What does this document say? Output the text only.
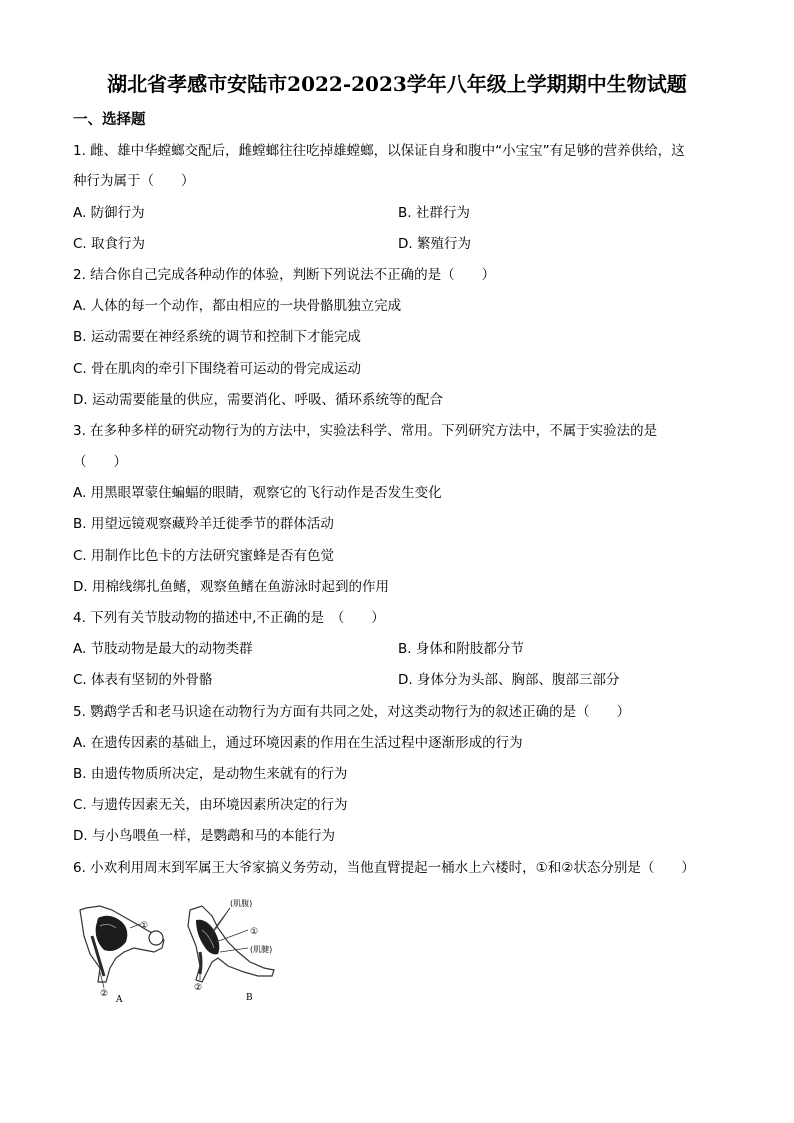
湖北省孝感市安陆市2022-2023学年八年级上学期期中生物试题
一、选择题
1. 雌、雄中华螳螂交配后，雌螳螂往往吃掉雄螳螂，以保证自身和腹中“小宝宝”有足够的营养供给，这
种行为属于（　　）
A. 防御行为	B. 社群行为
C. 取食行为	D. 繁殖行为
2. 结合你自己完成各种动作的体验，判断下列说法不正确的是（　　）
A. 人体的每一个动作，都由相应的一块骨骼肌独立完成
B. 运动需要在神经系统的调节和控制下才能完成
C. 骨在肌肉的牵引下围绕着可运动的骨完成运动
D. 运动需要能量的供应，需要消化、呼吸、循环系统等的配合
3. 在多种多样的研究动物行为的方法中，实验法科学、常用。下列研究方法中，不属于实验法的是
（　　）
A. 用黑眼罩蒙住蝙蝠的眼睛，观察它的飞行动作是否发生变化
B. 用望远镜观察藏羚羊迁徙季节的群体活动
C. 用制作比色卡的方法研究蜜蜂是否有色觉
D. 用棉线绑扎鱼鳍，观察鱼鳍在鱼游泳时起到的作用
4. 下列有关节肢动物的描述中,不正确的是　（　　）
A. 节肢动物是最大的动物类群	B. 身体和附肢都分节
C. 体表有坚韧的外骨骼	D. 身体分为头部、胸部、腹部三部分
5. 鹦鹉学舌和老马识途在动物行为方面有共同之处，对这类动物行为的叙述正确的是（　　）
A. 在遗传因素的基础上，通过环境因素的作用在生活过程中逐渐形成的行为
B. 由遗传物质所决定，是动物生来就有的行为
C. 与遗传因素无关，由环境因素所决定的行为
D. 与小鸟喂鱼一样，是鹦鹉和马的本能行为
6. 小欢利用周末到军属王大爷家搞义务劳动，当他直臂提起一桶水上六楼时，①和②状态分别是（　　）
①
②
A
(肌腹)
①
(肌腱)
②
B
